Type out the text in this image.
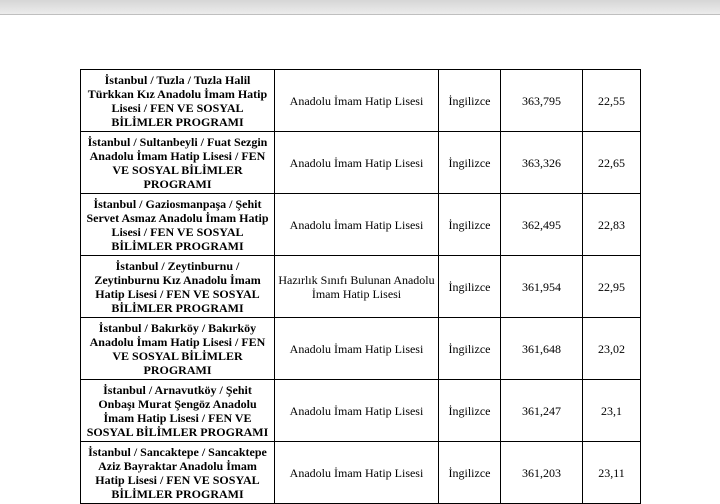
İstanbul / Tuzla / Tuzla Halil Türkkan Kız Anadolu İmam Hatip Lisesi / FEN VE SOSYAL BİLİMLER PROGRAMI	Anadolu İmam Hatip Lisesi	İngilizce	363,795	22,55
İstanbul / Sultanbeyli / Fuat Sezgin Anadolu İmam Hatip Lisesi / FEN VE SOSYAL BİLİMLER PROGRAMI	Anadolu İmam Hatip Lisesi	İngilizce	363,326	22,65
İstanbul / Gaziosmanpaşa / Şehit Servet Asmaz Anadolu İmam Hatip Lisesi / FEN VE SOSYAL BİLİMLER PROGRAMI	Anadolu İmam Hatip Lisesi	İngilizce	362,495	22,83
İstanbul / Zeytinburnu / Zeytinburnu Kız Anadolu İmam Hatip Lisesi / FEN VE SOSYAL BİLİMLER PROGRAMI	Hazırlık Sınıfı Bulunan Anadolu İmam Hatip Lisesi	İngilizce	361,954	22,95
İstanbul / Bakırköy / Bakırköy Anadolu İmam Hatip Lisesi / FEN VE SOSYAL BİLİMLER PROGRAMI	Anadolu İmam Hatip Lisesi	İngilizce	361,648	23,02
İstanbul / Arnavutköy / Şehit Onbaşı Murat Şengöz Anadolu İmam Hatip Lisesi / FEN VE SOSYAL BİLİMLER PROGRAMI	Anadolu İmam Hatip Lisesi	İngilizce	361,247	23,1
İstanbul / Sancaktepe / Sancaktepe Aziz Bayraktar Anadolu İmam Hatip Lisesi / FEN VE SOSYAL BİLİMLER PROGRAMI	Anadolu İmam Hatip Lisesi	İngilizce	361,203	23,11
